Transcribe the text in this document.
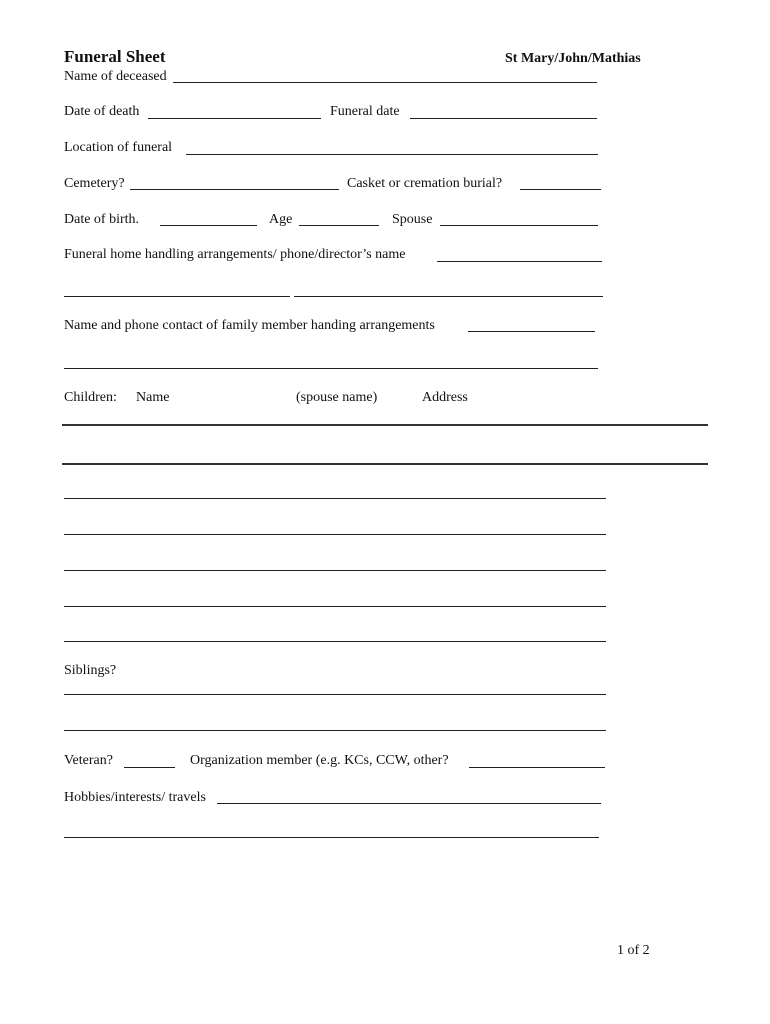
Funeral Sheet	St Mary/John/Mathias
Name of deceased
Date of death	Funeral date
Location of funeral
Cemetery?	Casket or cremation burial?
Date of birth.	Age	Spouse
Funeral home handling arrangements/ phone/director’s name
Name and phone contact of family member handing arrangements
Children: Name	(spouse name)	Address
Siblings?
Veteran?	Organization member (e.g. KCs, CCW, other?
Hobbies/interests/ travels
1 of 2
